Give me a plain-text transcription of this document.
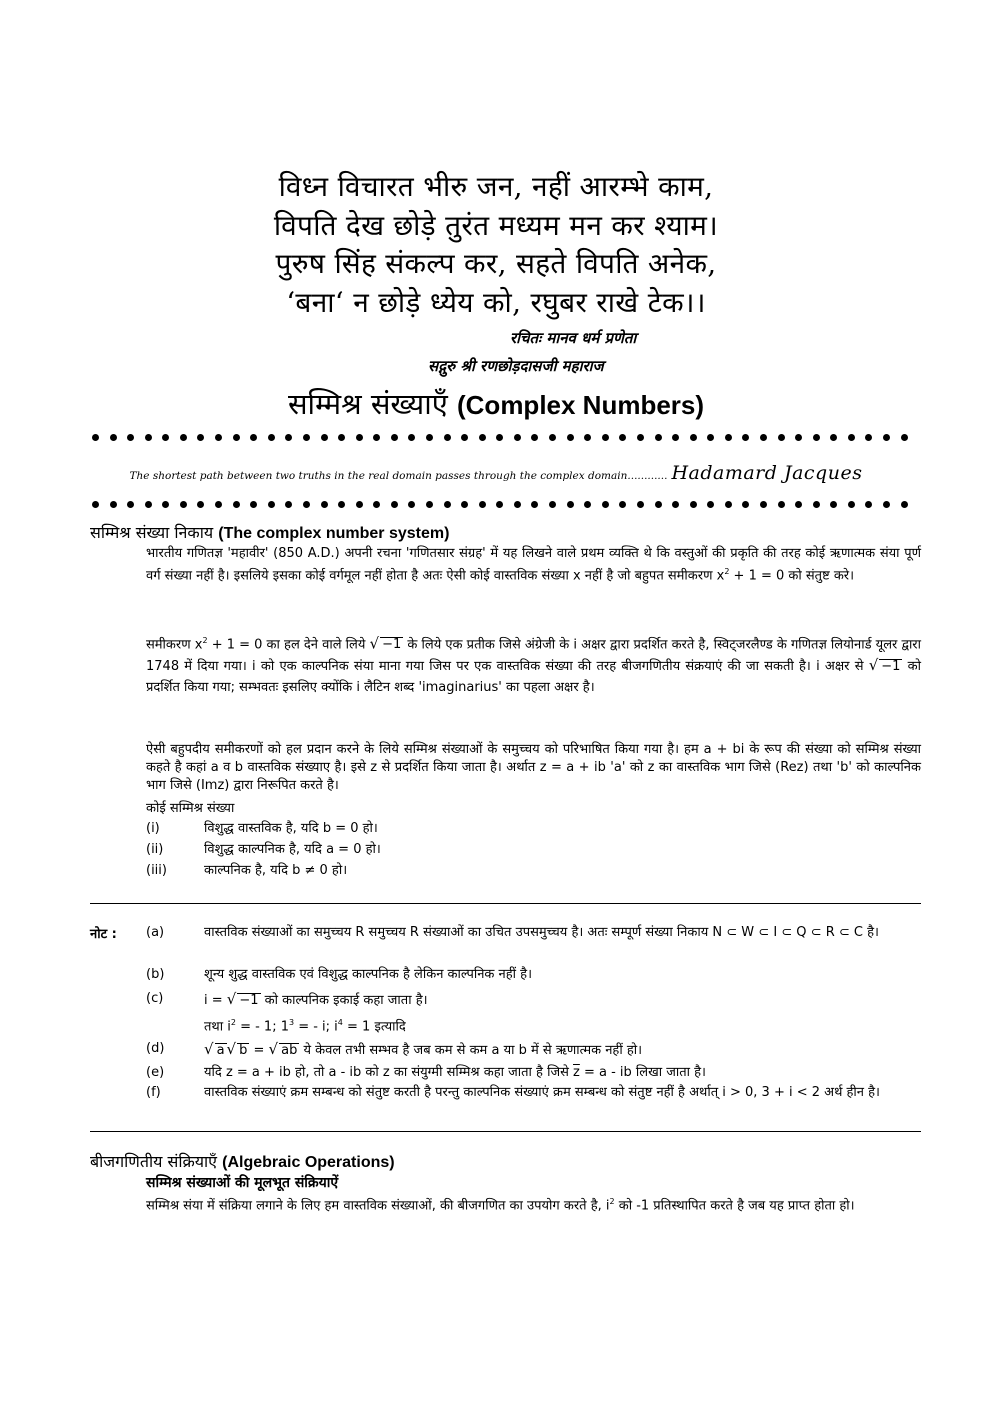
विध्न विचारत भीरु जन, नहीं आरम्भे काम,
विपति देख छोड़े तुरंत मध्यम मन कर श्याम।
पुरुष सिंह संकल्प कर, सहते विपति अनेक,
‘बना‘ न छोड़े ध्येय को, रघुबर राखे टेक।।
रचितः मानव धर्म प्रणेता
सद्गुरु श्री रणछोड़दासजी महाराज
सम्मिश्र संख्याएँ (Complex Numbers)
The shortest path between two truths in the real domain passes through the complex domain............ Hadamard Jacques
सम्मिश्र संख्या निकाय (The complex number system)

भारतीय गणितज्ञ 'महावीर' (850 A.D.) अपनी रचना 'गणितसार संग्रह' में यह लिखने वाले प्रथम व्यक्ति थे कि वस्तुओं की प्रकृति की तरह कोई ऋणात्मक संया पूर्ण वर्ग संख्या नहीं है। इसलिये इसका कोई वर्गमूल नहीं होता है अतः ऐसी कोई वास्तविक संख्या x नहीं है जो बहुपत समीकरण $x^2 + 1 = 0$ को संतुष्ट करे।

समीकरण $x^2 + 1 = 0$ का हल देने वाले लिये √ −1 के लिये एक प्रतीक जिसे अंग्रेजी के i अक्षर द्वारा प्रदर्शित करते है, स्विट्जरलैण्ड के गणितज्ञ लियोनार्ड यूलर द्वारा 1748 में दिया गया। i को एक काल्पनिक संया माना गया जिस पर एक वास्तविक संख्या की तरह बीजगणितीय संक्रयाएं की जा सकती है। i अक्षर से √ −1 को प्रदर्शित किया गया; सम्भवतः इसलिए क्योंकि i लैटिन शब्द 'imaginarius' का पहला अक्षर है।

ऐसी बहुपदीय समीकरणों को हल प्रदान करने के लिये सम्मिश्र संख्याओं के समुच्चय को परिभाषित किया गया है। हम a + bi के रूप की संख्या को सम्मिश्र संख्या कहते है कहां a व b वास्तविक संख्याए है। इसे z से प्रदर्शित किया जाता है। अर्थात z = a + ib 'a' को z का वास्तविक भाग जिसे (Rez) तथा 'b' को काल्पनिक भाग जिसे (Imz) द्वारा निरूपित करते है।

कोई सम्मिश्र संख्या

(i)	विशुद्ध वास्तविक है, यदि b = 0 हो।
(ii)	विशुद्ध काल्पनिक है, यदि a = 0 हो।
(iii)	काल्पनिक है, यदि b ≠ 0 हो।
नोट : (a)	वास्तविक संख्याओं का समुच्चय R समुच्चय R संख्याओं का उचित उपसमुच्चय है। अतः सम्पूर्ण संख्या निकाय N ⊂ W ⊂ I ⊂ Q ⊂ R ⊂ C है।
(b)	शून्य शुद्ध वास्तविक एवं विशुद्ध काल्पनिक है लेकिन काल्पनिक नहीं है।
(c)	i = √ −1 को काल्पनिक इकाई कहा जाता है।
तथा $i^2$ = - 1; $1^3$ = - i; $i^4 = 1$ इत्यादि
(d)	√ a √ b = √ ab ये केवल तभी सम्भव है जब कम से कम a या b में से ऋणात्मक नहीं हो।
(e)	यदि z = a + ib हो, तो a - ib को z का संयुग्मी सम्मिश्र कहा जाता है जिसे $\overline{z} = a$ - ib लिखा जाता है।
(f)	वास्तविक संख्याएं क्रम सम्बन्ध को संतुष्ट करती है परन्तु काल्पनिक संख्याएं क्रम सम्बन्ध को संतुष्ट नहीं है अर्थात् i > 0, 3 + i < 2 अर्थ हीन है।
बीजगणितीय संक्रियाएँ (Algebraic Operations)
सम्मिश्र संख्याओं की मूलभूत संक्रियाऐं

सम्मिश्र संया में संक्रिया लगाने के लिए हम वास्तविक संख्याओं, की बीजगणित का उपयोग करते है, $i^2$ को -1 प्रतिस्थापित करते है जब यह प्राप्त होता हो।
